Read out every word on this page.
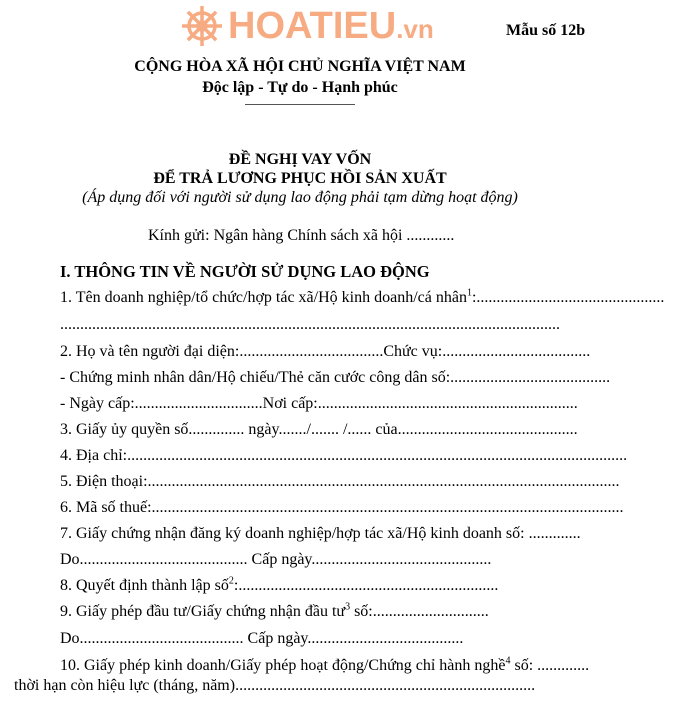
HOATIEU.vn	Mẫu số 12b
CỘNG HÒA XÃ HỘI CHỦ NGHĨA VIỆT NAM
Độc lập - Tự do - Hạnh phúc
ĐỀ NGHỊ VAY VỐN
ĐỂ TRẢ LƯƠNG PHỤC HỒI SẢN XUẤT
(Áp dụng đối với người sử dụng lao động phải tạm dừng hoạt động)
Kính gửi: Ngân hàng Chính sách xã hội ............
I. THÔNG TIN VỀ NGƯỜI SỬ DỤNG LAO ĐỘNG
1. Tên doanh nghiệp/tổ chức/hợp tác xã/Hộ kinh doanh/cá nhân$^1$:...............................................
.............................................................................................................................
2. Họ và tên người đại diện:....................................Chức vụ:.....................................
- Chứng minh nhân dân/Hộ chiếu/Thẻ căn cước công dân số:........................................
- Ngày cấp:................................Nơi cấp:.................................................................
3. Giấy ủy quyền số.............. ngày......./....... /...... của.............................................
4. Địa chỉ:.............................................................................................................................
5. Điện thoại:......................................................................................................................
6. Mã số thuế:......................................................................................................................
7. Giấy chứng nhận đăng ký doanh nghiệp/hợp tác xã/Hộ kinh doanh số: .............
Do.......................................... Cấp ngày.............................................
8. Quyết định thành lập số$^2$:.................................................................
9. Giấy phép đầu tư/Giấy chứng nhận đầu $tư^3$ số:.............................
Do......................................... Cấp ngày.......................................
10. Giấy phép kinh doanh/Giấy phép hoạt động/Chứng chỉ hành nghề$^4$ số: .............
thời hạn còn hiệu lực (tháng, năm)...........................................................................
